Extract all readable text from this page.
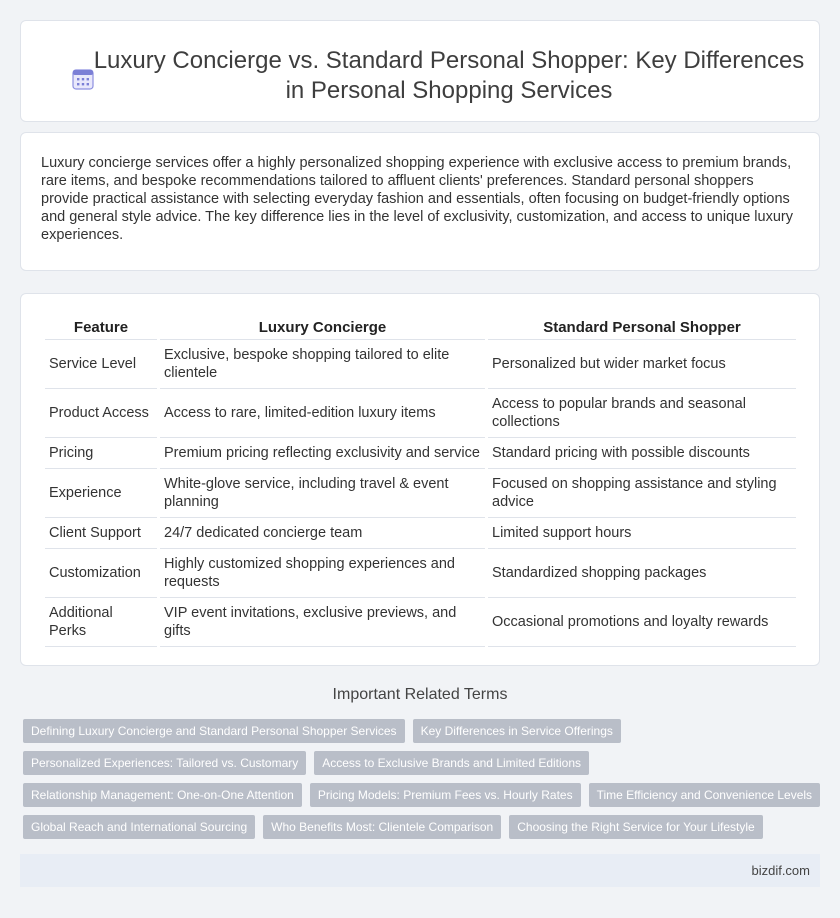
Luxury Concierge vs. Standard Personal Shopper: Key Differences in Personal Shopping Services

Luxury concierge services offer a highly personalized shopping experience with exclusive access to premium brands, rare items, and bespoke recommendations tailored to affluent clients' preferences. Standard personal shoppers provide practical assistance with selecting everyday fashion and essentials, often focusing on budget-friendly options and general style advice. The key difference lies in the level of exclusivity, customization, and access to unique luxury experiences.

Feature	Luxury Concierge	Standard Personal Shopper
Service Level	Exclusive, bespoke shopping tailored to elite clientele	Personalized but wider market focus
Product Access	Access to rare, limited-edition luxury items	Access to popular brands and seasonal collections
Pricing	Premium pricing reflecting exclusivity and service	Standard pricing with possible discounts
Experience	White-glove service, including travel & event planning	Focused on shopping assistance and styling advice
Client Support	24/7 dedicated concierge team	Limited support hours
Customization	Highly customized shopping experiences and requests	Standardized shopping packages
Additional Perks	VIP event invitations, exclusive previews, and gifts	Occasional promotions and loyalty rewards
Important Related Terms
Defining Luxury Concierge and Standard Personal Shopper Services	Key Differences in Service Offerings
Personalized Experiences: Tailored vs. Customary	Access to Exclusive Brands and Limited Editions
Relationship Management: One-on-One Attention	Pricing Models: Premium Fees vs. Hourly Rates	Time Efficiency and Convenience Levels
Global Reach and International Sourcing	Who Benefits Most: Clientele Comparison	Choosing the Right Service for Your Lifestyle
bizdif.com
